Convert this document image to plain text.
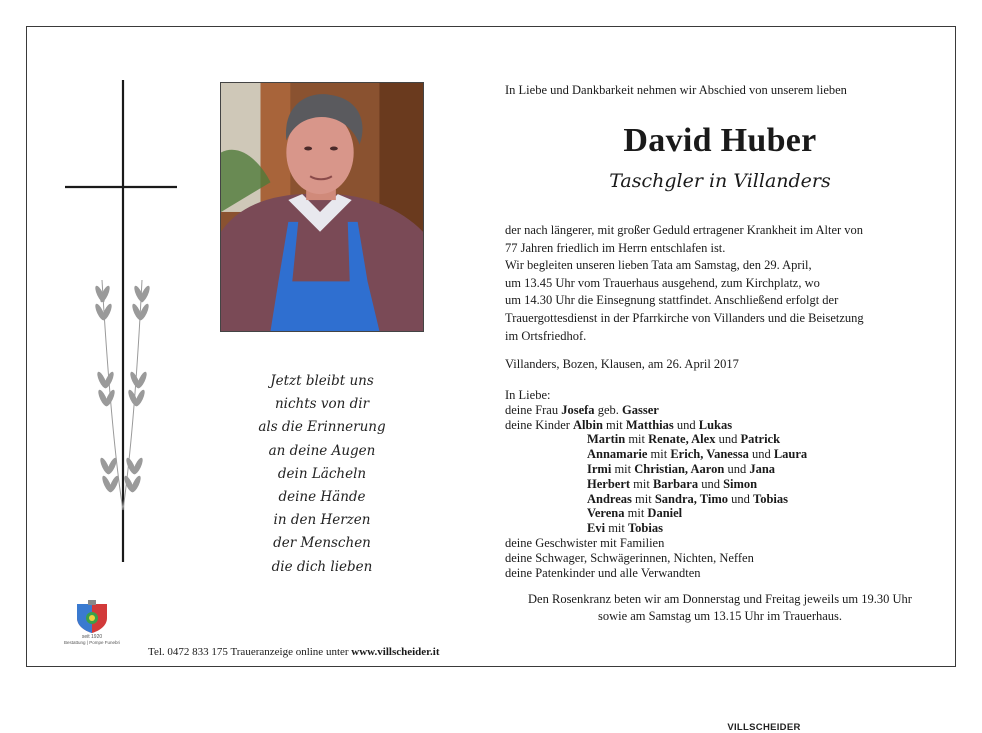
Jetzt bleibt uns
nichts von dir
als die Erinnerung
an deine Augen
dein Lächeln
deine Hände
in den Herzen
der Menschen
die dich lieben
seit 1920
VILLSCHEIDER
Bestattung | Pompe Funebri
Tel. 0472 833 175 Traueranzeige online unter www.villscheider.it
In Liebe und Dankbarkeit nehmen wir Abschied von unserem lieben
David Huber
Taschgler in Villanders
der nach längerer, mit großer Geduld ertragener Krankheit im Alter von
77 Jahren friedlich im Herrn entschlafen ist.
Wir begleiten unseren lieben Tata am Samstag, den 29. April,
um 13.45 Uhr vom Trauerhaus ausgehend, zum Kirchplatz, wo
um 14.30 Uhr die Einsegnung stattfindet. Anschließend erfolgt der
Trauergottesdienst in der Pfarrkirche von Villanders und die Beisetzung
im Ortsfriedhof.
Villanders, Bozen, Klausen, am 26. April 2017
In Liebe:
deine Frau Josefa geb. Gasser
deine Kinder Albin mit Matthias und Lukas
Martin mit Renate, Alex und Patrick
Annamarie mit Erich, Vanessa und Laura
Irmi mit Christian, Aaron und Jana
Herbert mit Barbara und Simon
Andreas mit Sandra, Timo und Tobias
Verena mit Daniel
Evi mit Tobias
deine Geschwister mit Familien
deine Schwager, Schwägerinnen, Nichten, Neffen
deine Patenkinder und alle Verwandten
Den Rosenkranz beten wir am Donnerstag und Freitag jeweils um 19.30 Uhr
sowie am Samstag um 13.15 Uhr im Trauerhaus.
